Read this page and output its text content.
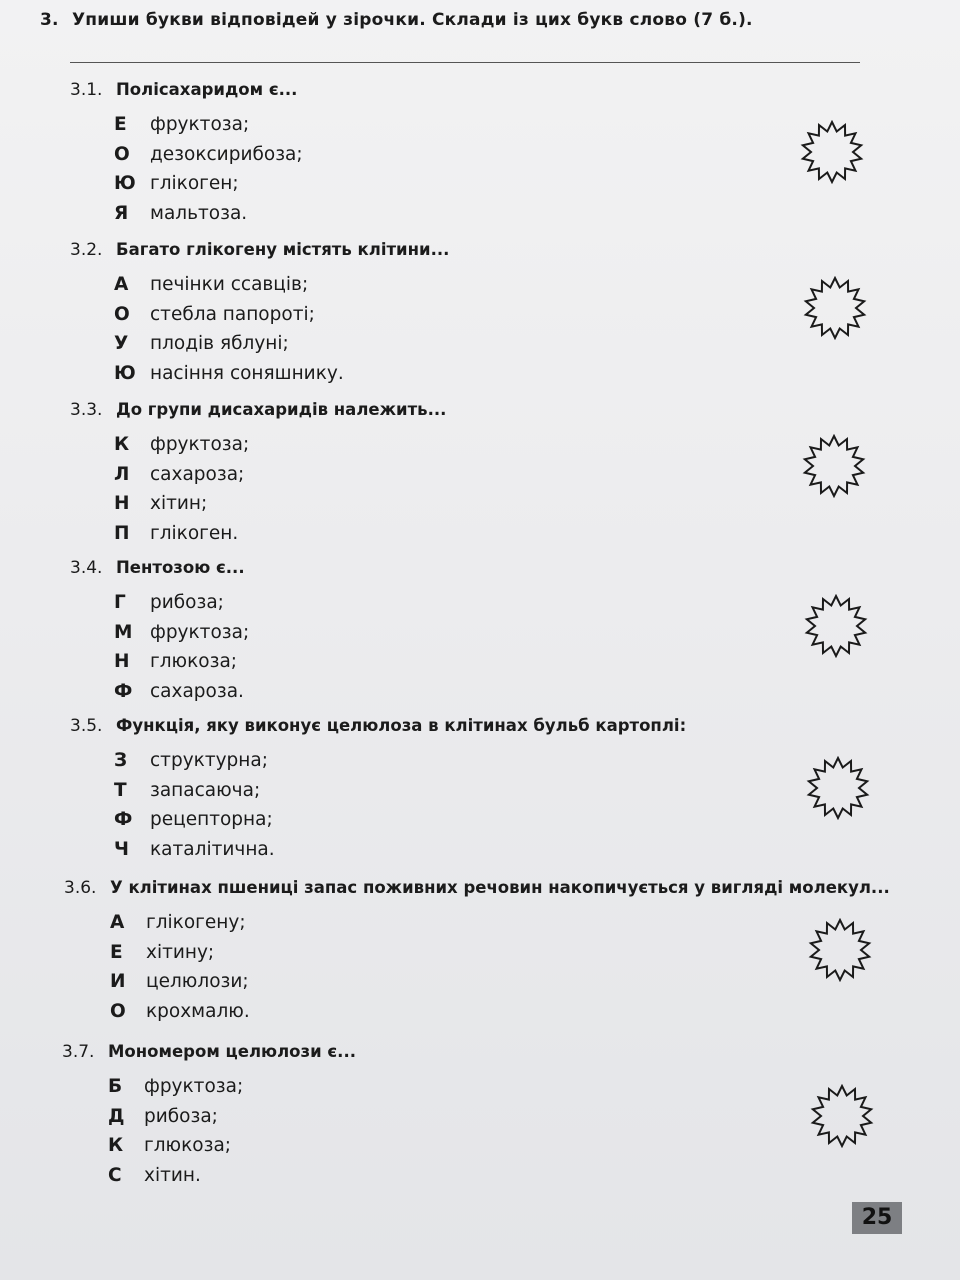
3. Упиши букви відповідей у зірочки. Склади із цих букв слово (7 б.).
3.1. Полісахаридом є...
Е фруктоза;
О дезоксирибоза;
Ю глікоген;
Я мальтоза.
3.2. Багато глікогену містять клітини...
А печінки ссавців;
О стебла папороті;
У плодів яблуні;
Ю насіння соняшнику.
3.3. До групи дисахаридів належить...
К фруктоза;
Л сахароза;
Н хітин;
П глікоген.
3.4. Пентозою є...
Г рибоза;
М фруктоза;
Н глюкоза;
Ф сахароза.
3.5. Функція, яку виконує целюлоза в клітинах бульб картоплі:
З структурна;
Т запасаюча;
Ф рецепторна;
Ч каталітична.
3.6. У клітинах пшениці запас поживних речовин накопичується у вигляді молекул...
А глікогену;
Е хітину;
И целюлози;
О крохмалю.
3.7. Мономером целюлози є...
Б фруктоза;
Д рибоза;
К глюкоза;
С хітин.
25
